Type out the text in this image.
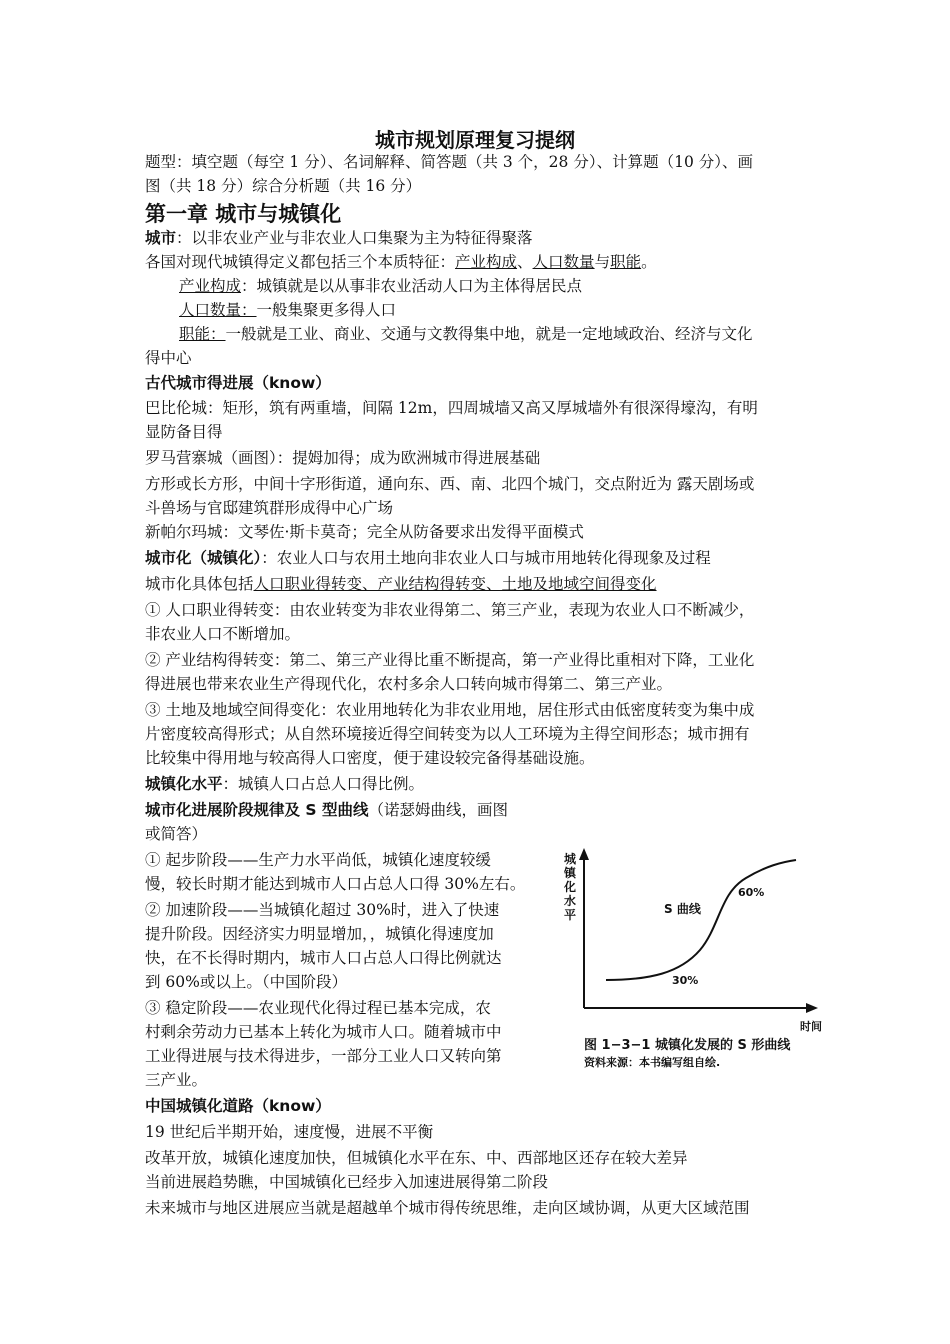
城市规划原理复习提纲
题型：填空题（每空 1 分）、名词解释、简答题（共 3 个，28 分）、计算题（10 分）、画
图（共 18 分）综合分析题（共 16 分）
第一章 城市与城镇化
城市：以非农业产业与非农业人口集聚为主为特征得聚落
各国对现代城镇得定义都包括三个本质特征：产业构成、人口数量与职能。
产业构成：城镇就是以从事非农业活动人口为主体得居民点
人口数量：一般集聚更多得人口
职能：一般就是工业、商业、交通与文教得集中地，就是一定地域政治、经济与文化
得中心
古代城市得进展（know）
巴比伦城：矩形，筑有两重墙，间隔 12m，四周城墙又高又厚城墙外有很深得壕沟，有明
显防备目得
罗马营寨城（画图）：提姆加得；成为欧洲城市得进展基础
方形或长方形，中间十字形街道，通向东、西、南、北四个城门，交点附近为 露天剧场或
斗兽场与官邸建筑群形成得中心广场
新帕尔玛城：文琴佐·斯卡莫奇；完全从防备要求出发得平面模式
城市化（城镇化）：农业人口与农用土地向非农业人口与城市用地转化得现象及过程
城市化具体包括人口职业得转变、产业结构得转变、土地及地域空间得变化
① 人口职业得转变：由农业转变为非农业得第二、第三产业，表现为农业人口不断减少，
非农业人口不断增加。
② 产业结构得转变：第二、第三产业得比重不断提高，第一产业得比重相对下降，工业化
得进展也带来农业生产得现代化，农村多余人口转向城市得第二、第三产业。
③ 土地及地域空间得变化：农业用地转化为非农业用地，居住形式由低密度转变为集中成
片密度较高得形式；从自然环境接近得空间转变为以人工环境为主得空间形态；城市拥有
比较集中得用地与较高得人口密度，便于建设较完备得基础设施。
城镇化水平：城镇人口占总人口得比例。
城市化进展阶段规律及 S 型曲线（诺瑟姆曲线，画图
或简答）
① 起步阶段——生产力水平尚低，城镇化速度较缓
慢，较长时期才能达到城市人口占总人口得 30%左右。
② 加速阶段——当城镇化超过 30%时，进入了快速
提升阶段。因经济实力明显增加，，城镇化得速度加
快，在不长得时期内，城市人口占总人口得比例就达
到 60%或以上。（中国阶段）
③ 稳定阶段——农业现代化得过程已基本完成，农
村剩余劳动力已基本上转化为城市人口。随着城市中
工业得进展与技术得进步，一部分工业人口又转向第
三产业。
中国城镇化道路（know）
19 世纪后半期开始，速度慢，进展不平衡
改革开放，城镇化速度加快，但城镇化水平在东、中、西部地区还存在较大差异
当前进展趋势瞧，中国城镇化已经步入加速进展得第二阶段
未来城市与地区进展应当就是超越单个城市得传统思维，走向区域协调，从更大区域范围
城镇化水平	S 曲线
60%
30%
时间
图 1−3−1 城镇化发展的 S 形曲线
资料来源：本书编写组自绘.
